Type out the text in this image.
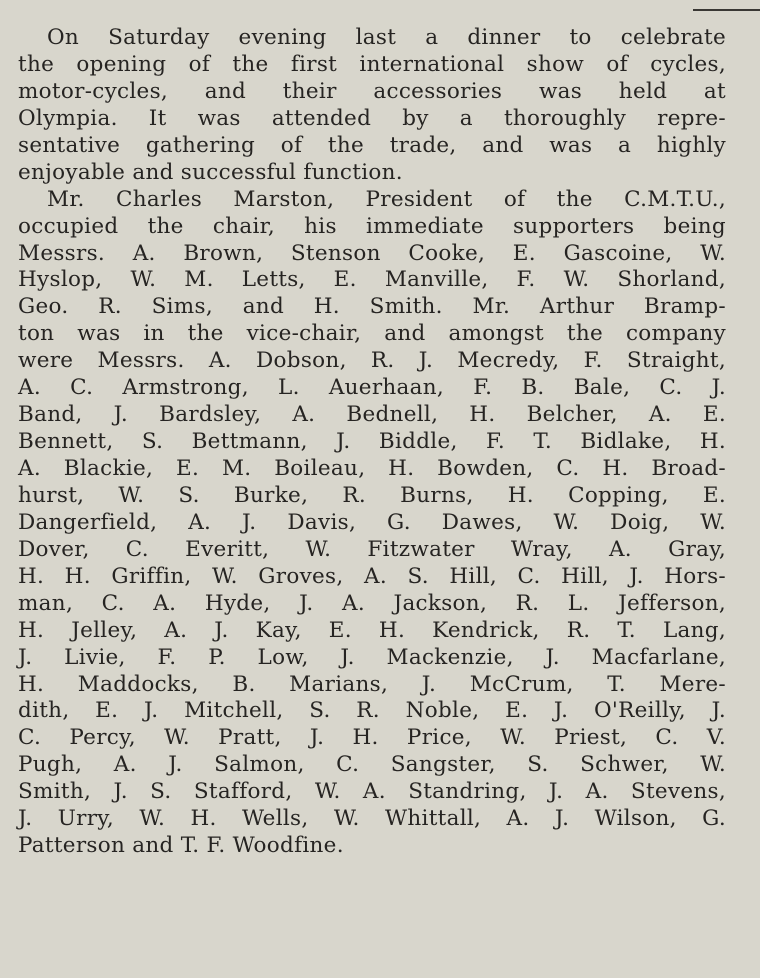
On Saturday evening last a dinner to celebrate
the opening of the first international show of cycles,
motor-cycles, and their accessories was held at
Olympia. It was attended by a thoroughly repre-
sentative gathering of the trade, and was a highly
enjoyable and successful function.
Mr. Charles Marston, President of the C.M.T.U.,
occupied the chair, his immediate supporters being
Messrs. A. Brown, Stenson Cooke, E. Gascoine, W.
Hyslop, W. M. Letts, E. Manville, F. W. Shorland,
Geo. R. Sims, and H. Smith. Mr. Arthur Bramp-
ton was in the vice-chair, and amongst the company
were Messrs. A. Dobson, R. J. Mecredy, F. Straight,
A. C. Armstrong, L. Auerhaan, F. B. Bale, C. J.
Band, J. Bardsley, A. Bednell, H. Belcher, A. E.
Bennett, S. Bettmann, J. Biddle, F. T. Bidlake, H.
A. Blackie, E. M. Boileau, H. Bowden, C. H. Broad-
hurst, W. S. Burke, R. Burns, H. Copping, E.
Dangerfield, A. J. Davis, G. Dawes, W. Doig, W.
Dover, C. Everitt, W. Fitzwater Wray, A. Gray,
H. H. Griffin, W. Groves, A. S. Hill, C. Hill, J. Hors-
man, C. A. Hyde, J. A. Jackson, R. L. Jefferson,
H. Jelley, A. J. Kay, E. H. Kendrick, R. T. Lang,
J. Livie, F. P. Low, J. Mackenzie, J. Macfarlane,
H. Maddocks, B. Marians, J. McCrum, T. Mere-
dith, E. J. Mitchell, S. R. Noble, E. J. O'Reilly, J.
C. Percy, W. Pratt, J. H. Price, W. Priest, C. V.
Pugh, A. J. Salmon, C. Sangster, S. Schwer, W.
Smith, J. S. Stafford, W. A. Standring, J. A. Stevens,
J. Urry, W. H. Wells, W. Whittall, A. J. Wilson, G.
Patterson and T. F. Woodfine.
